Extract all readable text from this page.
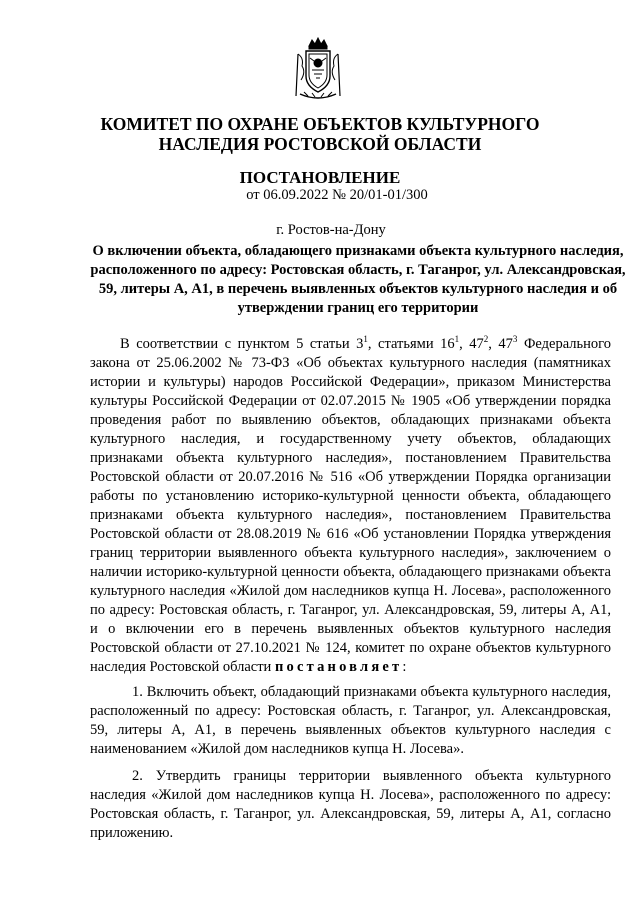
КОМИТЕТ ПО ОХРАНЕ ОБЪЕКТОВ КУЛЬТУРНОГО
НАСЛЕДИЯ РОСТОВСКОЙ ОБЛАСТИ
ПОСТАНОВЛЕНИЕ
от 06.09.2022 № 20/01-01/300
г. Ростов-на-Дону
О включении объекта, обладающего признаками объекта культурного наследия, расположенного по адресу: Ростовская область, г. Таганрог, ул. Александровская, 59, литеры А, А1, в перечень выявленных объектов культурного наследия и об утверждении границ его территории
В соответствии с пунктом 5 статьи $3^1$, статьями $16^1$, $47^2$, $47^3$ Федерального закона от 25.06.2002 № 73-ФЗ «Об объектах культурного наследия (памятниках истории и культуры) народов Российской Федерации», приказом Министерства культуры Российской Федерации от 02.07.2015 № 1905 «Об утверждении порядка проведения работ по выявлению объектов, обладающих признаками объекта культурного наследия, и государственному учету объектов, обладающих признаками объекта культурного наследия», постановлением Правительства Ростовской области от 20.07.2016 № 516 «Об утверждении Порядка организации работы по установлению историко-культурной ценности объекта, обладающего признаками объекта культурного наследия», постановлением Правительства Ростовской области от 28.08.2019 № 616 «Об установлении Порядка утверждения границ территории выявленного объекта культурного наследия», заключением о наличии историко-культурной ценности объекта, обладающего признаками объекта культурного наследия «Жилой дом наследников купца Н. Лосева», расположенного по адресу: Ростовская область, г. Таганрог, ул. Александровская, 59, литеры А, А1, и о включении его в перечень выявленных объектов культурного наследия Ростовской области от 27.10.2021 № 124, комитет по охране объектов культурного наследия Ростовской области постановляет:
1. Включить объект, обладающий признаками объекта культурного наследия, расположенный по адресу: Ростовская область, г. Таганрог, ул. Александровская, 59, литеры А, А1, в перечень выявленных объектов культурного наследия с наименованием «Жилой дом наследников купца Н. Лосева».
2. Утвердить границы территории выявленного объекта культурного наследия «Жилой дом наследников купца Н. Лосева», расположенного по адресу: Ростовская область, г. Таганрог, ул. Александровская, 59, литеры А, А1, согласно приложению.
